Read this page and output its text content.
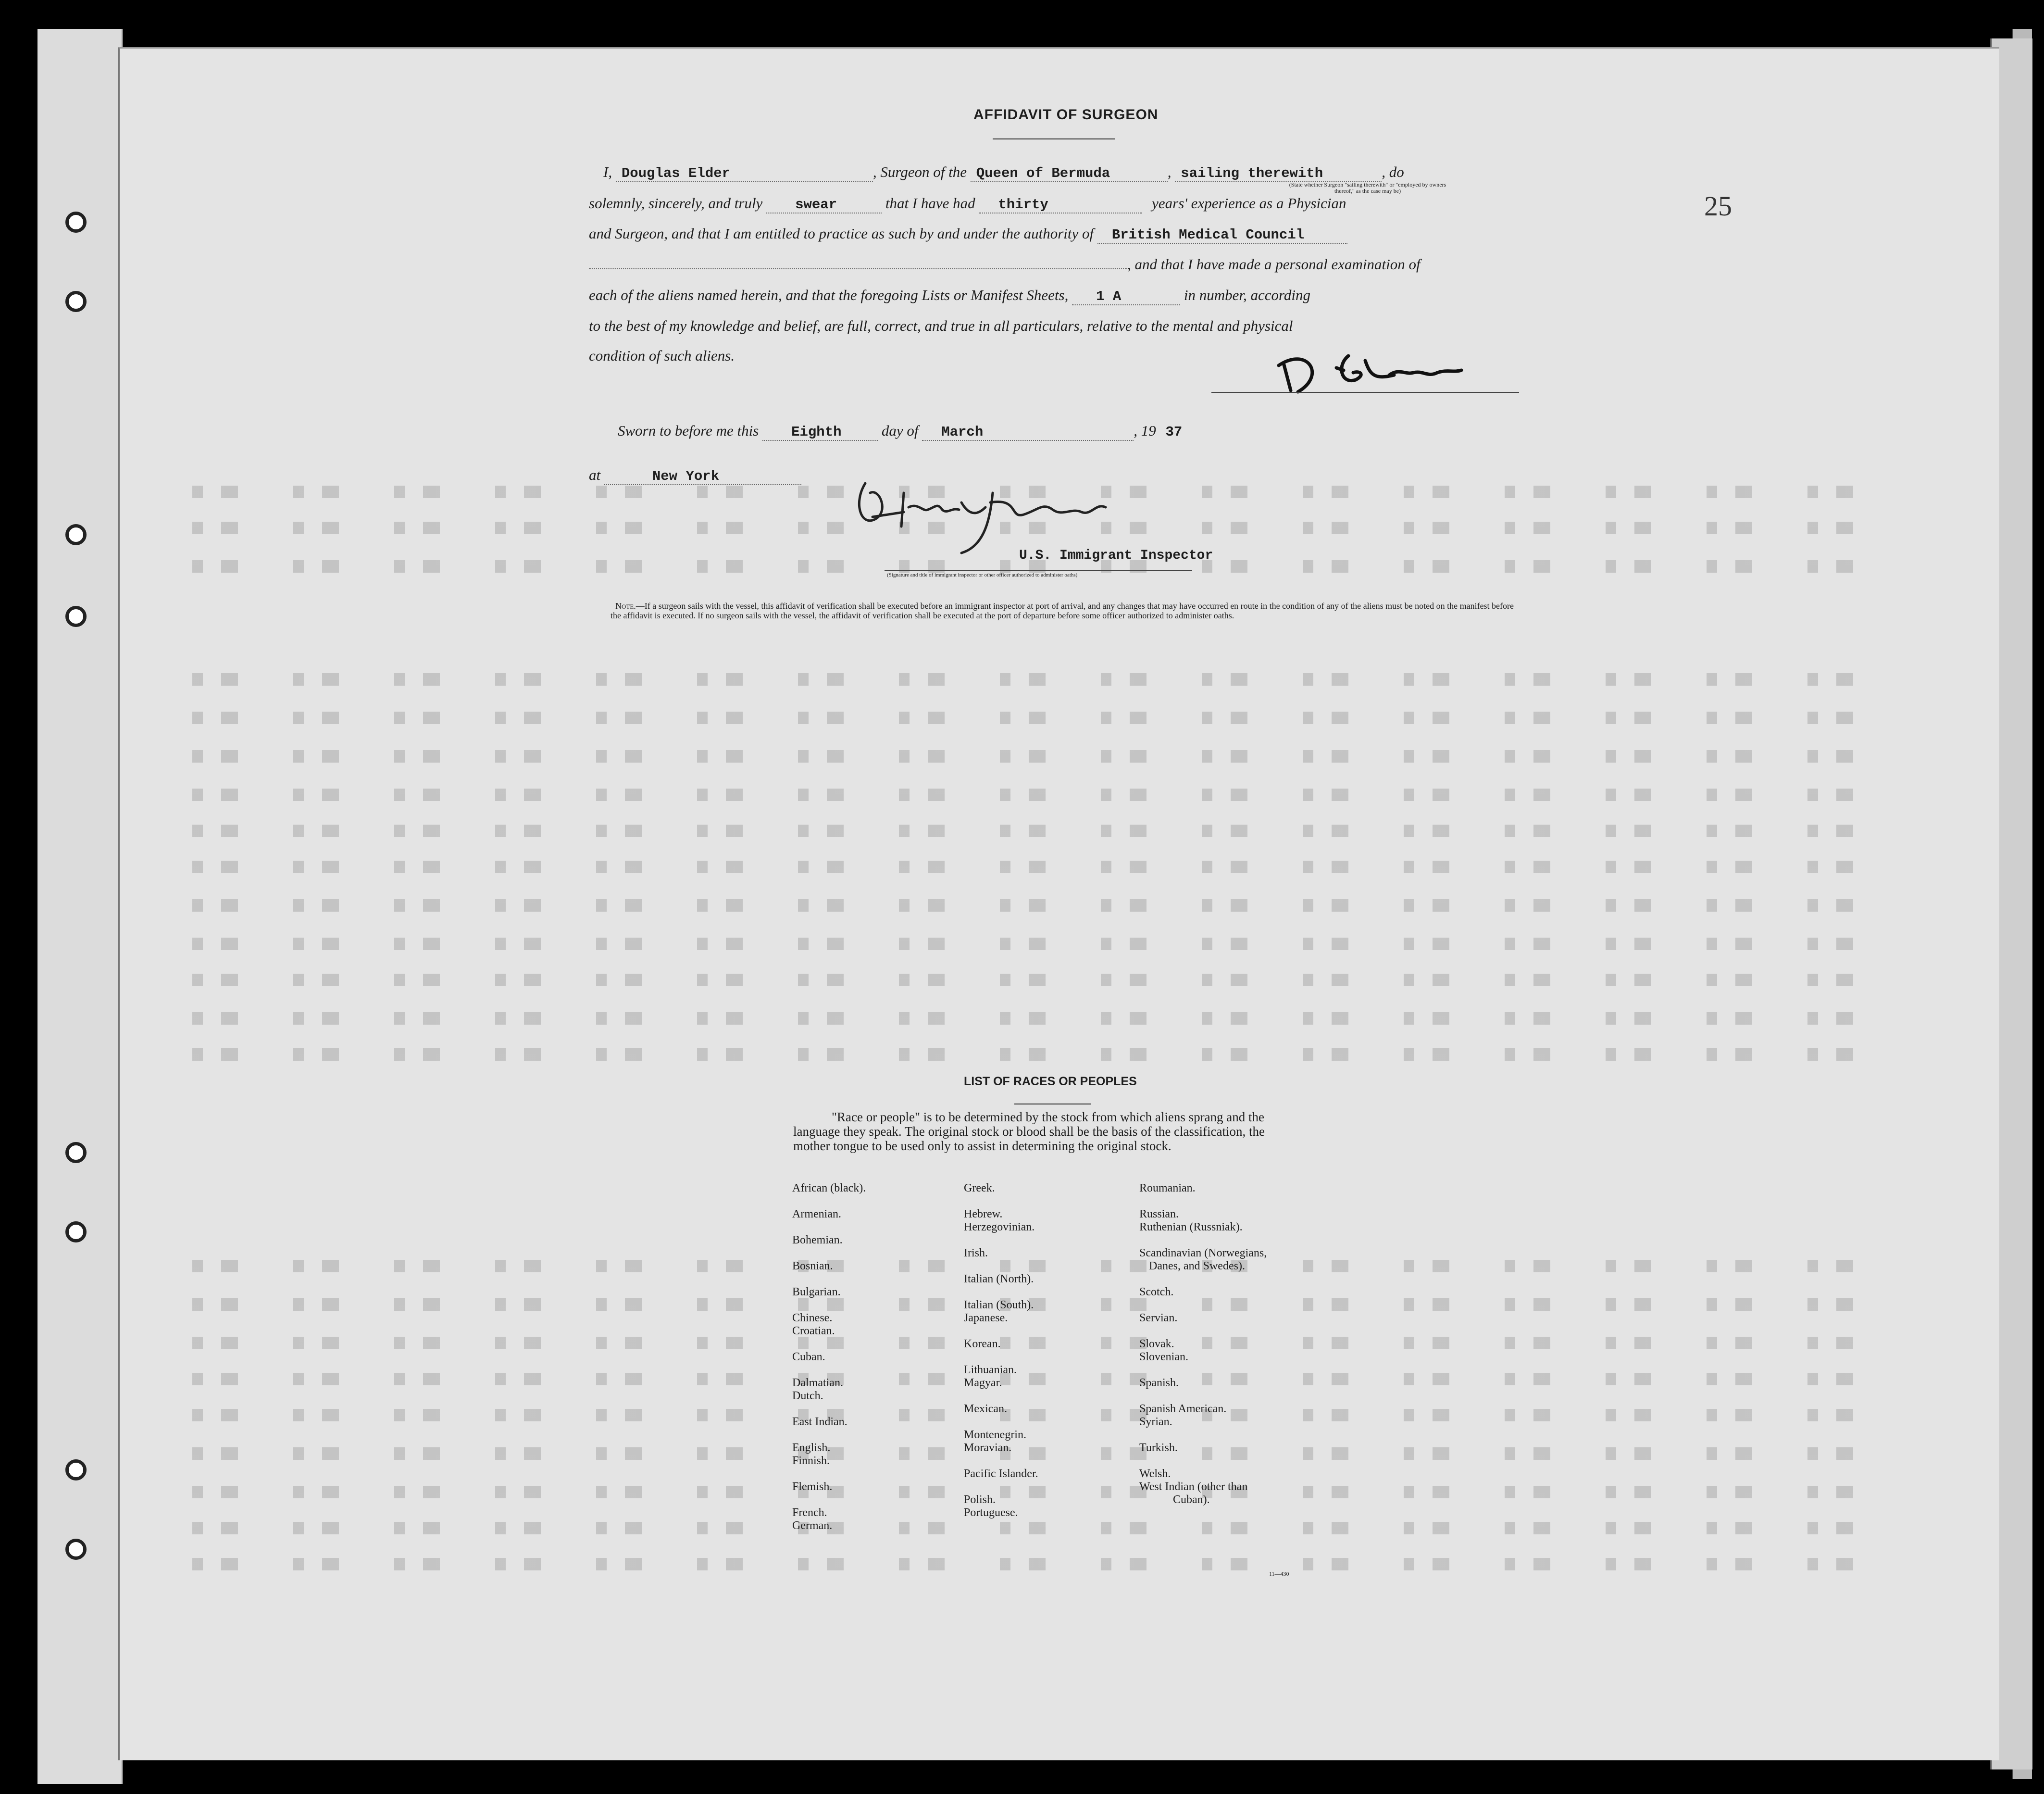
25
AFFIDAVIT OF SURGEON
I, Douglas Elder	, Surgeon of the Queen of Bermuda	, sailing therewith	, do
(State whether Surgeon "sailing therewith" or "employed by owners thereof," as the case may be)
solemnly, sincerely, and truly swear	that I have had thirty	years' experience as a Physician
and Surgeon, and that I am entitled to practice as such by and under the authority of British Medical Council
, and that I have made a personal examination of
each of the aliens named herein, and that the foregoing Lists or Manifest Sheets, 1 A	in number, according
to the best of my knowledge and belief, are full, correct, and true in all particulars, relative to the mental and physical
condition of such aliens.
Sworn to before me this Eighth	day of March	, 19 37
at	New York
U.S. Immigrant Inspector
(Signature and title of immigrant inspector or other officer authorized to administer oaths)
Note.—If a surgeon sails with the vessel, this affidavit of verification shall be executed before an immigrant inspector at port of arrival, and any changes that may have occurred en route in the condition of any of the aliens must be noted on the manifest before the affidavit is executed. If no surgeon sails with the vessel, the affidavit of verification shall be executed at the port of departure before some officer authorized to administer oaths.
LIST OF RACES OR PEOPLES
"Race or people" is to be determined by the stock from which aliens sprang and the language they speak. The original stock or blood shall be the basis of the classification, the mother tongue to be used only to assist in determining the original stock.
African (black).
Armenian.
Bohemian.
Bosnian.
Bulgarian.
Chinese.
Croatian.
Cuban.
Dalmatian.
Dutch.
East Indian.
English.
Finnish.
Flemish.
French.
German.
Greek.
Hebrew.
Herzegovinian.
Irish.
Italian (North).
Italian (South).
Japanese.
Korean.
Lithuanian.
Magyar.
Mexican.
Montenegrin.
Moravian.
Pacific Islander.
Polish.
Portuguese.
Roumanian.
Russian.
Ruthenian (Russniak).
Scandinavian (Norwegians,
Danes, and Swedes).
Scotch.
Servian.
Slovak.
Slovenian.
Spanish.
Spanish American.
Syrian.
Turkish.
Welsh.
West Indian (other than
Cuban).
11—430
